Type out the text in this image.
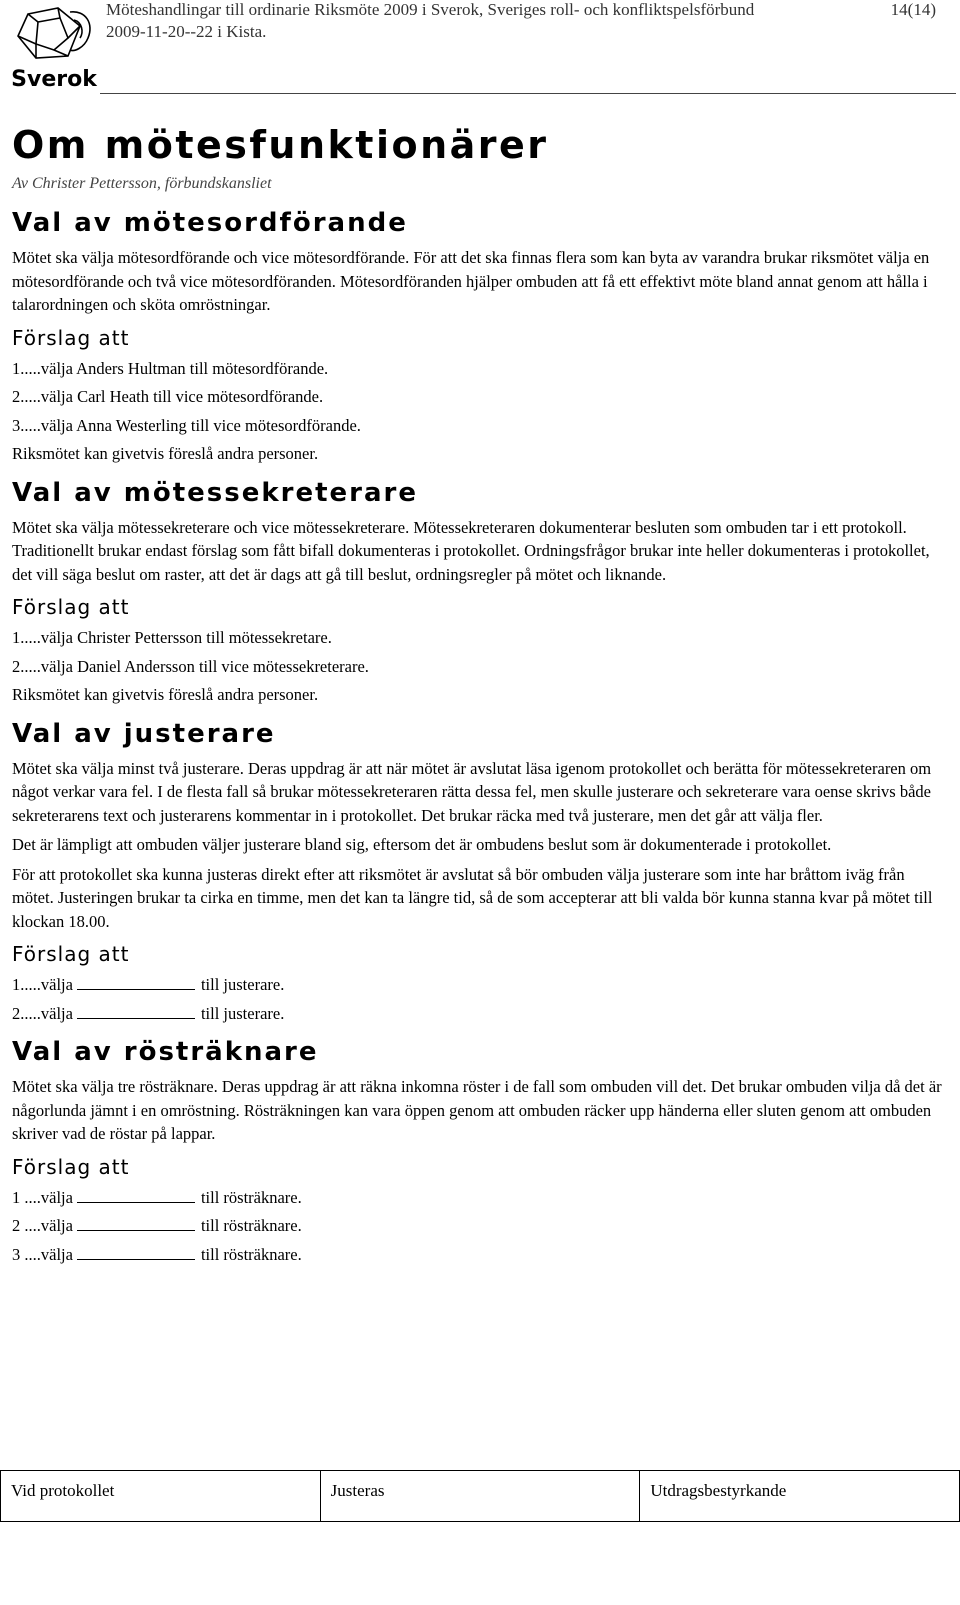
Sverok
Möteshandlingar till ordinarie Riksmöte 2009 i Sverok, Sveriges roll- och konfliktspelsförbund
2009-11-20--22 i Kista.
14(14)
Om mötesfunktionärer
Av Christer Pettersson, förbundskansliet
Val av mötesordförande

Mötet ska välja mötesordförande och vice mötesordförande. För att det ska finnas flera som kan byta av varandra brukar riksmötet välja en mötesordförande och två vice mötesordföranden. Mötesordföranden hjälper ombuden att få ett effektivt möte bland annat genom att hålla i talarordningen och sköta omröstningar.

Förslag att
1.....välja Anders Hultman till mötesordförande.
2.....välja Carl Heath till vice mötesordförande.
3.....välja Anna Westerling till vice mötesordförande.
Riksmötet kan givetvis föreslå andra personer.
Val av mötessekreterare

Mötet ska välja mötessekreterare och vice mötessekreterare. Mötessekreteraren dokumenterar besluten som ombuden tar i ett protokoll. Traditionellt brukar endast förslag som fått bifall dokumenteras i protokollet. Ordningsfrågor brukar inte heller dokumenteras i protokollet, det vill säga beslut om raster, att det är dags att gå till beslut, ordningsregler på mötet och liknande.

Förslag att
1.....välja Christer Pettersson till mötessekretare.
2.....välja Daniel Andersson till vice mötessekreterare.
Riksmötet kan givetvis föreslå andra personer.
Val av justerare

Mötet ska välja minst två justerare. Deras uppdrag är att när mötet är avslutat läsa igenom protokollet och berätta för mötessekreteraren om något verkar vara fel. I de flesta fall så brukar mötessekreteraren rätta dessa fel, men skulle justerare och sekreterare vara oense skrivs både sekreterarens text och justerarens kommentar in i protokollet. Det brukar räcka med två justerare, men det går att välja fler.

Det är lämpligt att ombuden väljer justerare bland sig, eftersom det är ombudens beslut som är dokumenterade i protokollet.

För att protokollet ska kunna justeras direkt efter att riksmötet är avslutat så bör ombuden välja justerare som inte har bråttom iväg från mötet. Justeringen brukar ta cirka en timme, men det kan ta längre tid, så de som accepterar att bli valda bör kunna stanna kvar på mötet till klockan 18.00.

Förslag att
1.....välja	till justerare.
2.....välja	till justerare.
Val av rösträknare

Mötet ska välja tre rösträknare. Deras uppdrag är att räkna inkomna röster i de fall som ombuden vill det. Det brukar ombuden vilja då det är någorlunda jämnt i en omröstning. Rösträkningen kan vara öppen genom att ombuden räcker upp händerna eller sluten genom att ombuden skriver vad de röstar på lappar.

Förslag att
1 ....välja	till rösträknare.
2 ....välja	till rösträknare.
3 ....välja	till rösträknare.
Vid protokollet	Justeras	Utdragsbestyrkande
